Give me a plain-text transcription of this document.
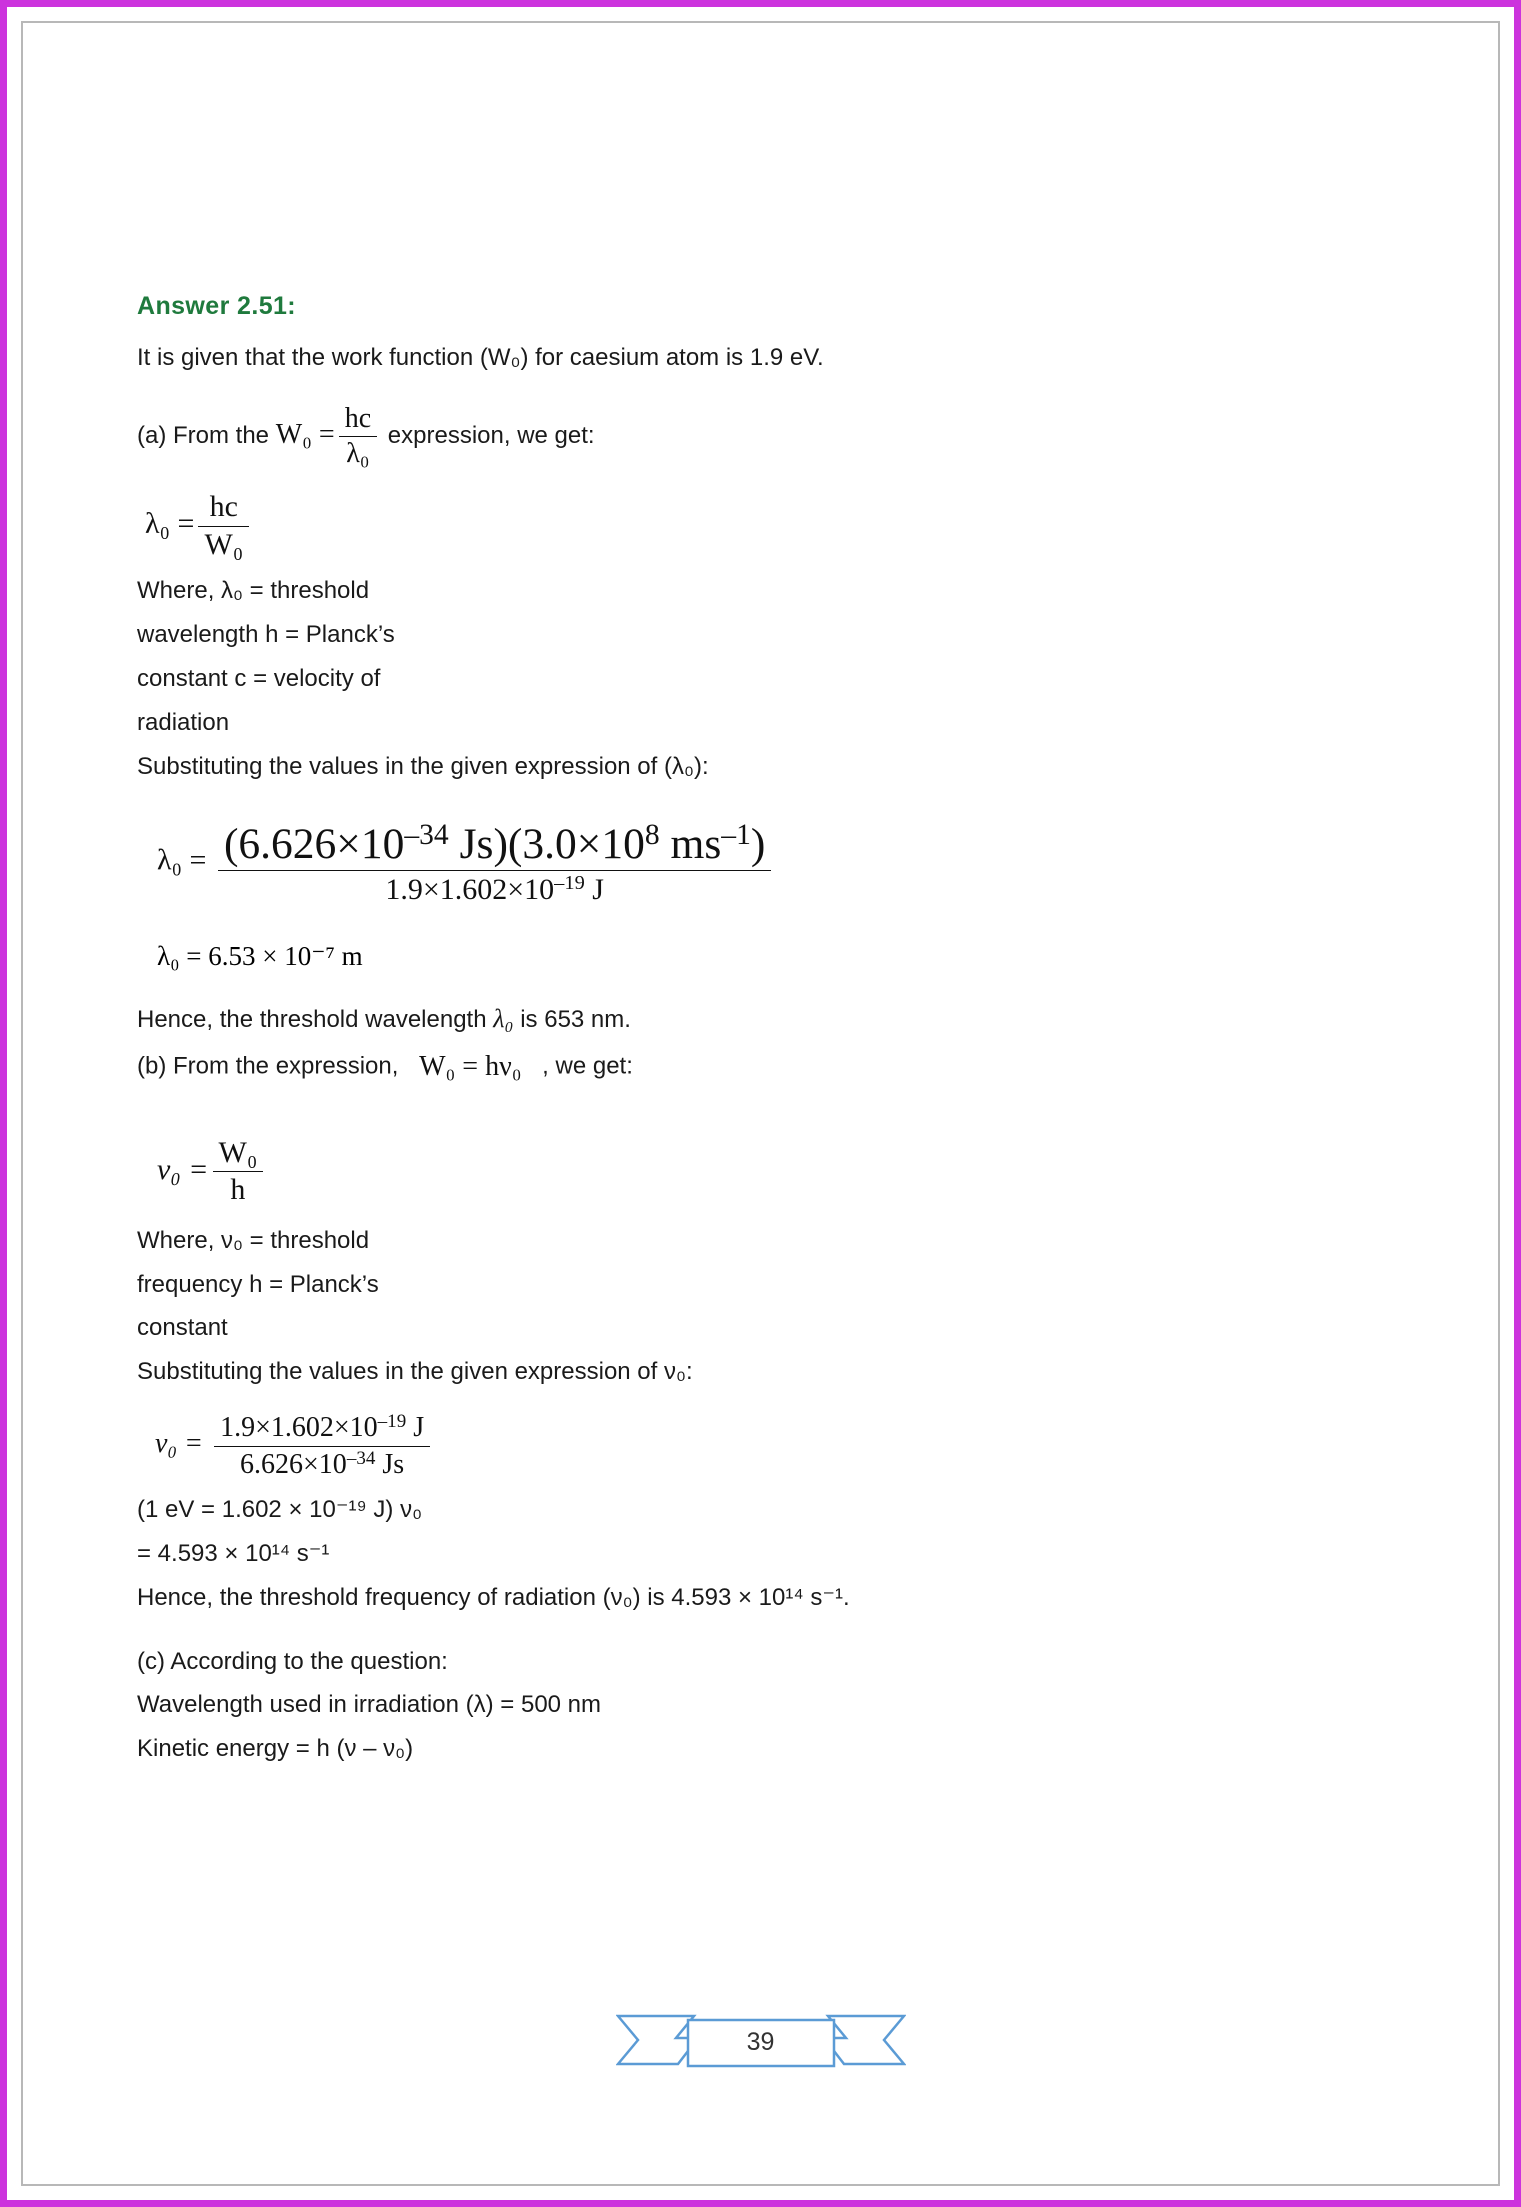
Answer 2.51:

It is given that the work function (W₀) for caesium atom is 1.9 eV.

(a) From the $W_0 = \frac{hc}{\text{λ₀}}$ expression, we get:

$\lambda_0 = \frac{hc}{\text{W₀}}$

Where, λ₀ = threshold

wavelength h = Planck’s

constant c = velocity of

radiation

Substituting the values in the given expression of (λ₀):

$\lambda_0 = \frac{(6.626\times 10^{-34} Js)(3.0\times 10^8 ms^{-1})}{1.9\times 1.602\times 10^{-19} J}$
λ₀ = 6.53 × 10⁻⁷ m

Hence, the threshold wavelength λ₀ is 653 nm.

(b) From the expression, W₀ = hν₀ , we get:

$\nu_0 = \frac{\text{W₀}}{h}$

Where, ν₀ = threshold

frequency h = Planck’s

constant

Substituting the values in the given expression of ν₀:

$\nu_0 = \frac{1.9\times 1.602\times 10^{-19} J}{6.626\times 10^{-34} Js}$

(1 eV = 1.602 × 10⁻¹⁹ J) ν₀

= 4.593 × 10¹⁴ s⁻¹

Hence, the threshold frequency of radiation (ν₀) is 4.593 × 10¹⁴ s⁻¹.

(c) According to the question:

Wavelength used in irradiation (λ) = 500 nm

Kinetic energy = h (ν – ν₀)

39
